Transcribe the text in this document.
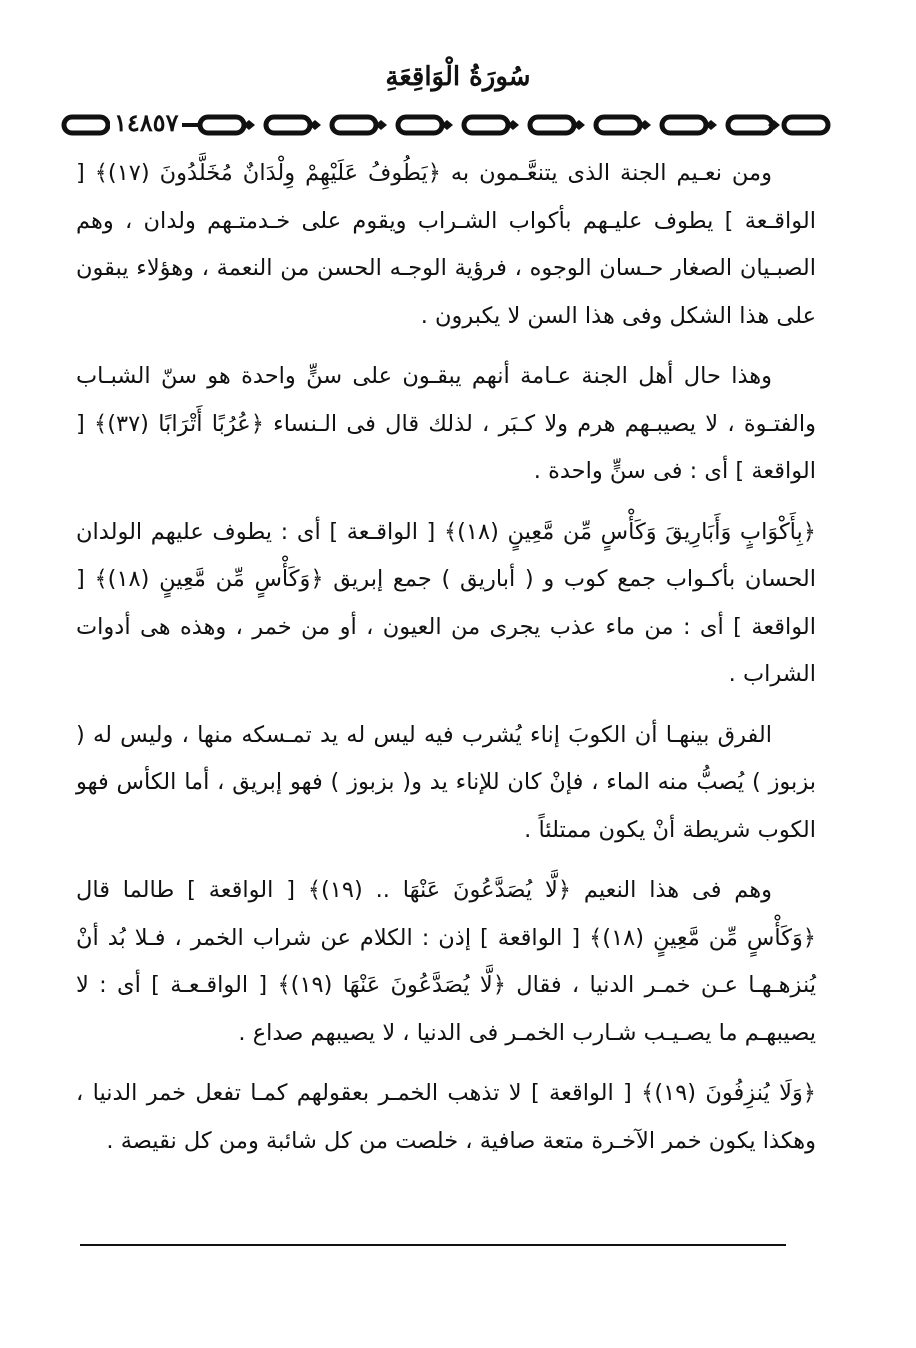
سُورَةُ الْوَاقِعَةِ
١٤٨٥٧

ومن نعـيم الجنة الذى يتنعَّـمون به ﴿يَطُوفُ عَلَيْهِمْ وِلْدَانٌ مُخَلَّدُونَ (١٧)﴾ [ الواقـعة ] يطوف عليـهم بأكواب الشـراب ويقوم على خـدمتـهم ولدان ، وهم الصبـيان الصغار حـسان الوجوه ، فرؤية الوجـه الحسن من النعمة ، وهؤلاء يبقون على هذا الشكل وفى هذا السن لا يكبرون .

وهذا حال أهل الجنة عـامة أنهم يبقـون على سنٍّ واحدة هو سنّ الشبـاب والفتـوة ، لا يصيبـهم هرم ولا كـبَر ، لذلك قال فى الـنساء ﴿عُرُبًا أَتْرَابًا (٣٧)﴾ [ الواقعة ] أى : فى سنٍّ واحدة .

﴿بِأَكْوَابٍ وَأَبَارِيقَ وَكَأْسٍ مِّن مَّعِينٍ (١٨)﴾ [ الواقـعة ] أى : يطوف عليهم الولدان الحسان بأكـواب جمع كوب و ( أباريق ) جمع إبريق ﴿وَكَأْسٍ مِّن مَّعِينٍ (١٨)﴾ [ الواقعة ] أى : من ماء عذب يجرى من العيون ، أو من خمر ، وهذه هى أدوات الشراب .

الفرق بينهـا أن الكوبَ إناء يُشرب فيه ليس له يد تمـسكه منها ، وليس له ( بزبوز ) يُصبُّ منه الماء ، فإنْ كان للإناء يد و( بزبوز ) فهو إبريق ، أما الكأس فهو الكوب شريطة أنْ يكون ممتلئاً .

وهم فى هذا النعيم ﴿لَّا يُصَدَّعُونَ عَنْهَا .. (١٩)﴾ [ الواقعة ] طالما قال ﴿وَكَأْسٍ مِّن مَّعِينٍ (١٨)﴾ [ الواقعة ] إذن : الكلام عن شراب الخمر ، فـلا بُد أنْ يُنزهـهـا عـن خمـر الدنيا ، فقال ﴿لَّا يُصَدَّعُونَ عَنْهَا (١٩)﴾ [ الواقـعـة ] أى : لا يصيبهـم ما يصـيـب شـارب الخمـر فى الدنيا ، لا يصيبهم صداع .

﴿وَلَا يُنزِفُونَ (١٩)﴾ [ الواقعة ] لا تذهب الخمـر بعقولهم كمـا تفعل خمر الدنيا ، وهكذا يكون خمر الآخـرة متعة صافية ، خلصت من كل شائبة ومن كل نقيصة .
